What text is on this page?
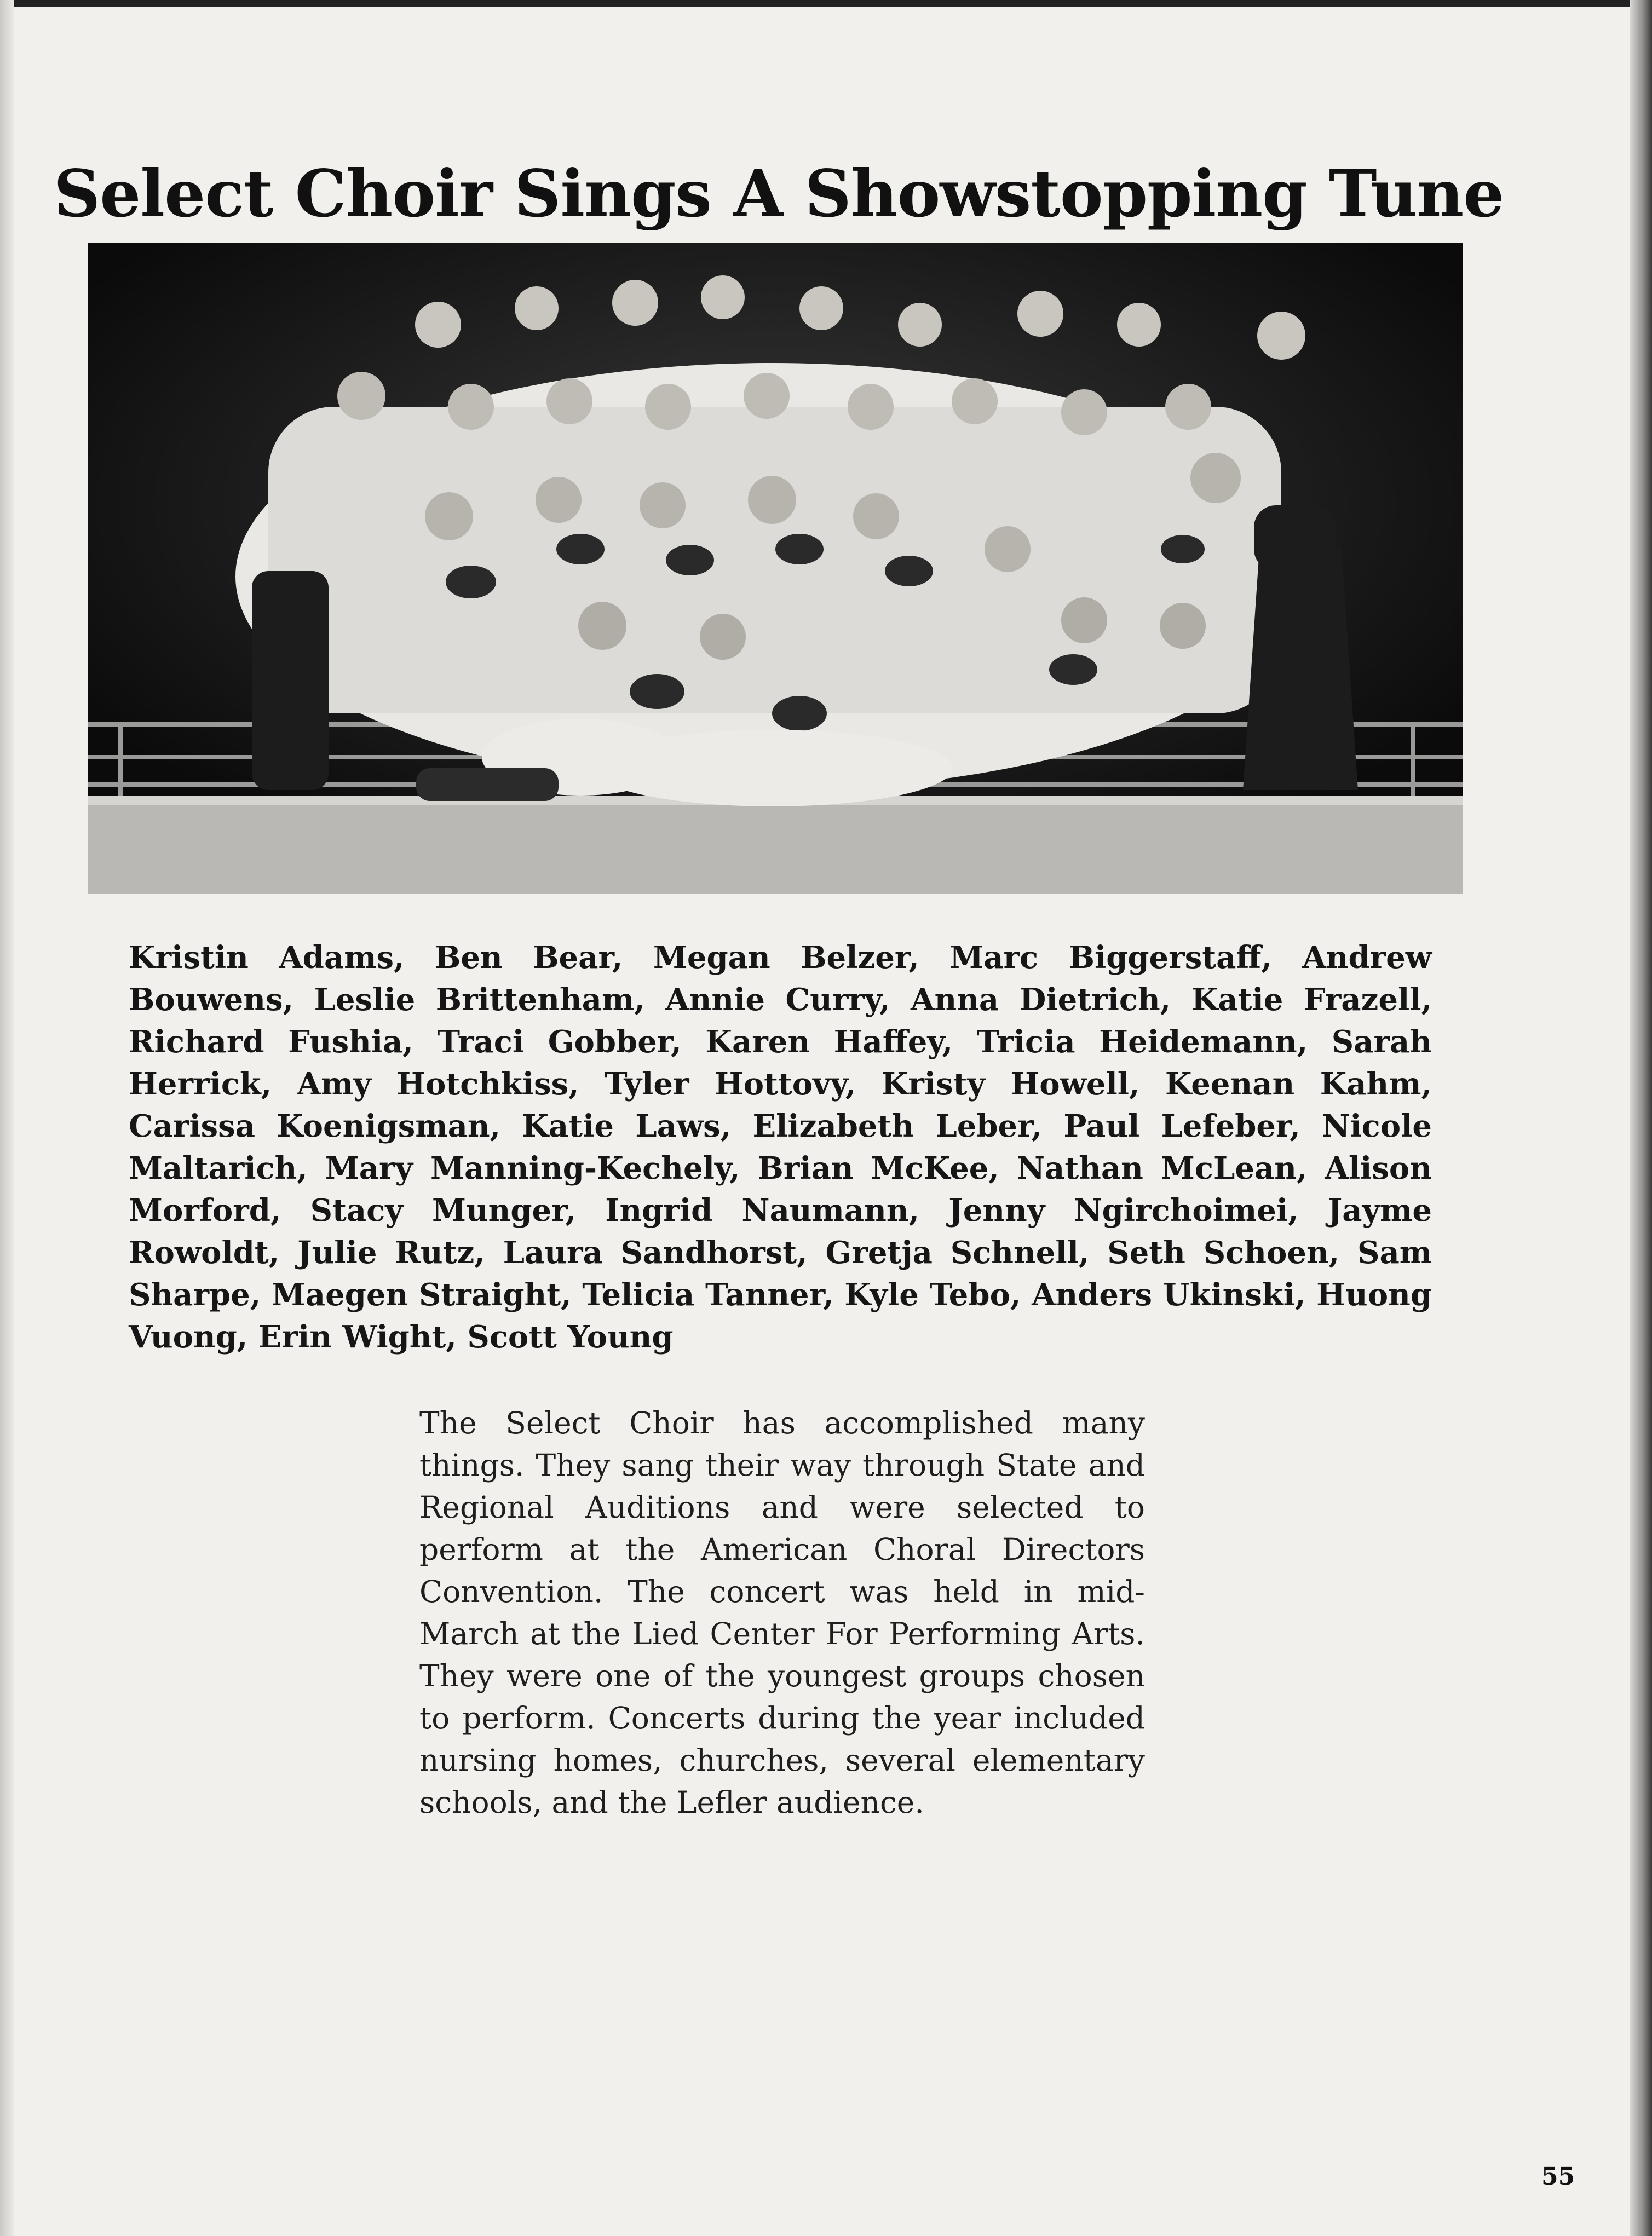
Select Choir Sings A Showstopping Tune

Kristin Adams, Ben Bear, Megan Belzer, Marc Biggerstaff, Andrew Bouwens, Leslie Brittenham, Annie Curry, Anna Dietrich, Katie Frazell, Richard Fushia, Traci Gobber, Karen Haffey, Tricia Heidemann, Sarah Herrick, Amy Hotchkiss, Tyler Hottovy, Kristy Howell, Keenan Kahm, Carissa Koenigsman, Katie Laws, Elizabeth Leber, Paul Lefeber, Nicole Maltarich, Mary Manning-Kechely, Brian McKee, Nathan McLean, Alison Morford, Stacy Munger, Ingrid Naumann, Jenny Ngirchoimei, Jayme Rowoldt, Julie Rutz, Laura Sandhorst, Gretja Schnell, Seth Schoen, Sam Sharpe, Maegen Straight, Telicia Tanner, Kyle Tebo, Anders Ukinski, Huong Vuong, Erin Wight, Scott Young

The Select Choir has accomplished many things. They sang their way through State and Regional Auditions and were selected to perform at the American Choral Directors Convention. The concert was held in mid-March at the Lied Center For Performing Arts. They were one of the youngest groups chosen to perform. Concerts during the year included nursing homes, churches, several elementary schools, and the Lefler audience.

55
